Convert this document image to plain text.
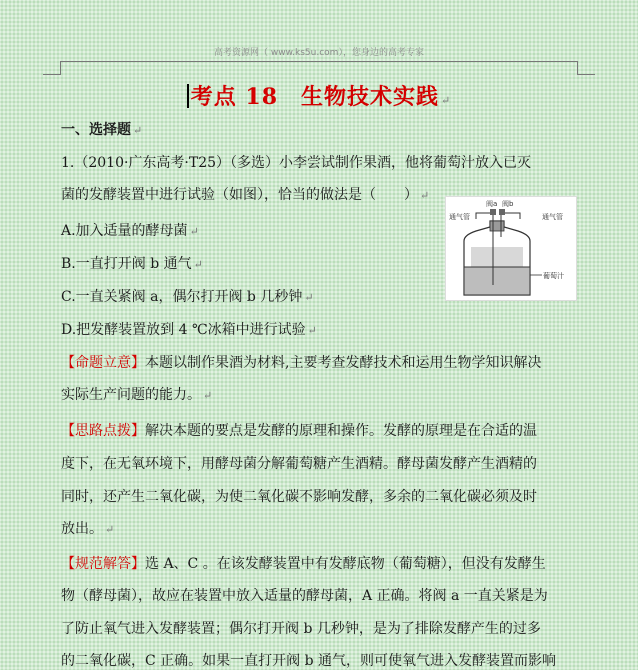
高考资源网（ www.ks5u.com），您身边的高考专家
考点 18　生物技术实践 ↵
一、选择题 ↵
1.（2010·广东高考·T25）（多选）小李尝试制作果酒，他将葡萄汁放入已灭
菌的发酵装置中进行试验（如图），恰当的做法是（　　） ↵
A.加入适量的酵母菌 ↵
B.一直打开阀 b 通气 ↵
C.一直关紧阀 a，偶尔打开阀 b 几秒钟 ↵
D.把发酵装置放到 4 ℃冰箱中进行试验 ↵
通气管
阀a 阀b
通气管
葡萄汁
【命题立意】本题以制作果酒为材料,主要考查发酵技术和运用生物学知识解决
实际生产问题的能力。 ↵
【思路点拨】解决本题的要点是发酵的原理和操作。发酵的原理是在合适的温
度下，在无氧环境下，用酵母菌分解葡萄糖产生酒精。酵母菌发酵产生酒精的
同时，还产生二氧化碳，为使二氧化碳不影响发酵，多余的二氧化碳必须及时
放出。 ↵
【规范解答】选 A、C 。在该发酵装置中有发酵底物（葡萄糖），但没有发酵生
物（酵母菌），故应在装置中放入适量的酵母菌，A 正确。将阀 a 一直关紧是为
了防止氧气进入发酵装置；偶尔打开阀 b 几秒钟，是为了排除发酵产生的过多
的二氧化碳，C 正确。如果一直打开阀 b 通气，则可使氧气进入发酵装置而影响
